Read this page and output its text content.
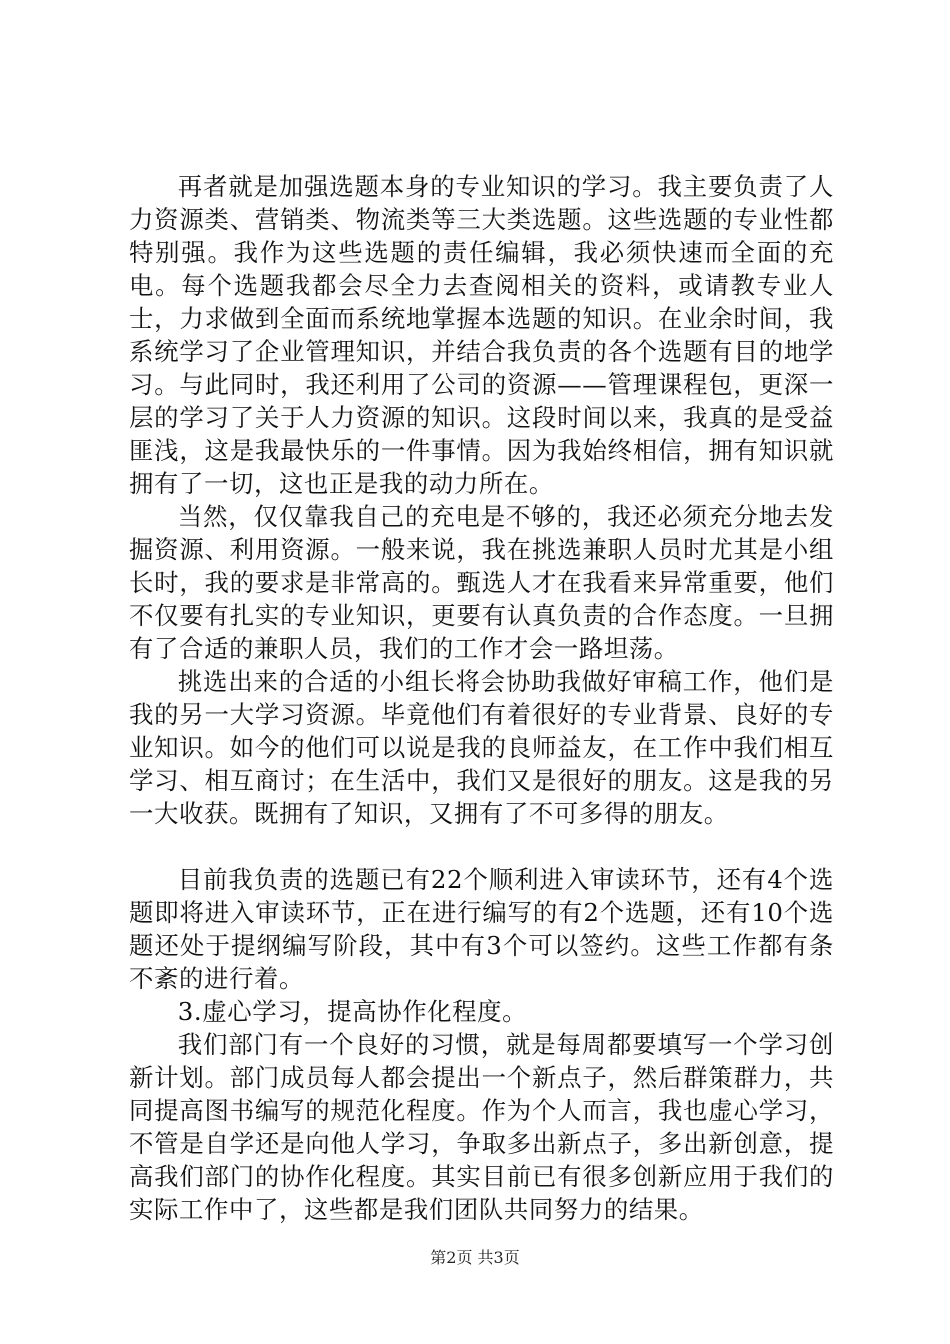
再者就是加强选题本身的专业知识的学习。我主要负责了人力资源类、营销类、物流类等三大类选题。这些选题的专业性都特别强。我作为这些选题的责任编辑，我必须快速而全面的充电。每个选题我都会尽全力去查阅相关的资料，或请教专业人士，力求做到全面而系统地掌握本选题的知识。在业余时间，我系统学习了企业管理知识，并结合我负责的各个选题有目的地学习。与此同时，我还利用了公司的资源——管理课程包，更深一层的学习了关于人力资源的知识。这段时间以来，我真的是受益匪浅，这是我最快乐的一件事情。因为我始终相信，拥有知识就拥有了一切，这也正是我的动力所在。

当然，仅仅靠我自己的充电是不够的，我还必须充分地去发掘资源、利用资源。一般来说，我在挑选兼职人员时尤其是小组长时，我的要求是非常高的。甄选人才在我看来异常重要，他们不仅要有扎实的专业知识，更要有认真负责的合作态度。一旦拥有了合适的兼职人员，我们的工作才会一路坦荡。

挑选出来的合适的小组长将会协助我做好审稿工作，他们是我的另一大学习资源。毕竟他们有着很好的专业背景、良好的专业知识。如今的他们可以说是我的良师益友，在工作中我们相互学习、相互商讨；在生活中，我们又是很好的朋友。这是我的另一大收获。既拥有了知识，又拥有了不可多得的朋友。

目前我负责的选题已有22个顺利进入审读环节，还有4个选题即将进入审读环节，正在进行编写的有2个选题，还有10个选题还处于提纲编写阶段，其中有3个可以签约。这些工作都有条不紊的进行着。

3.虚心学习，提高协作化程度。

我们部门有一个良好的习惯，就是每周都要填写一个学习创新计划。部门成员每人都会提出一个新点子，然后群策群力，共同提高图书编写的规范化程度。作为个人而言，我也虚心学习，不管是自学还是向他人学习，争取多出新点子，多出新创意，提高我们部门的协作化程度。其实目前已有很多创新应用于我们的实际工作中了，这些都是我们团队共同努力的结果。

第2页 共3页
